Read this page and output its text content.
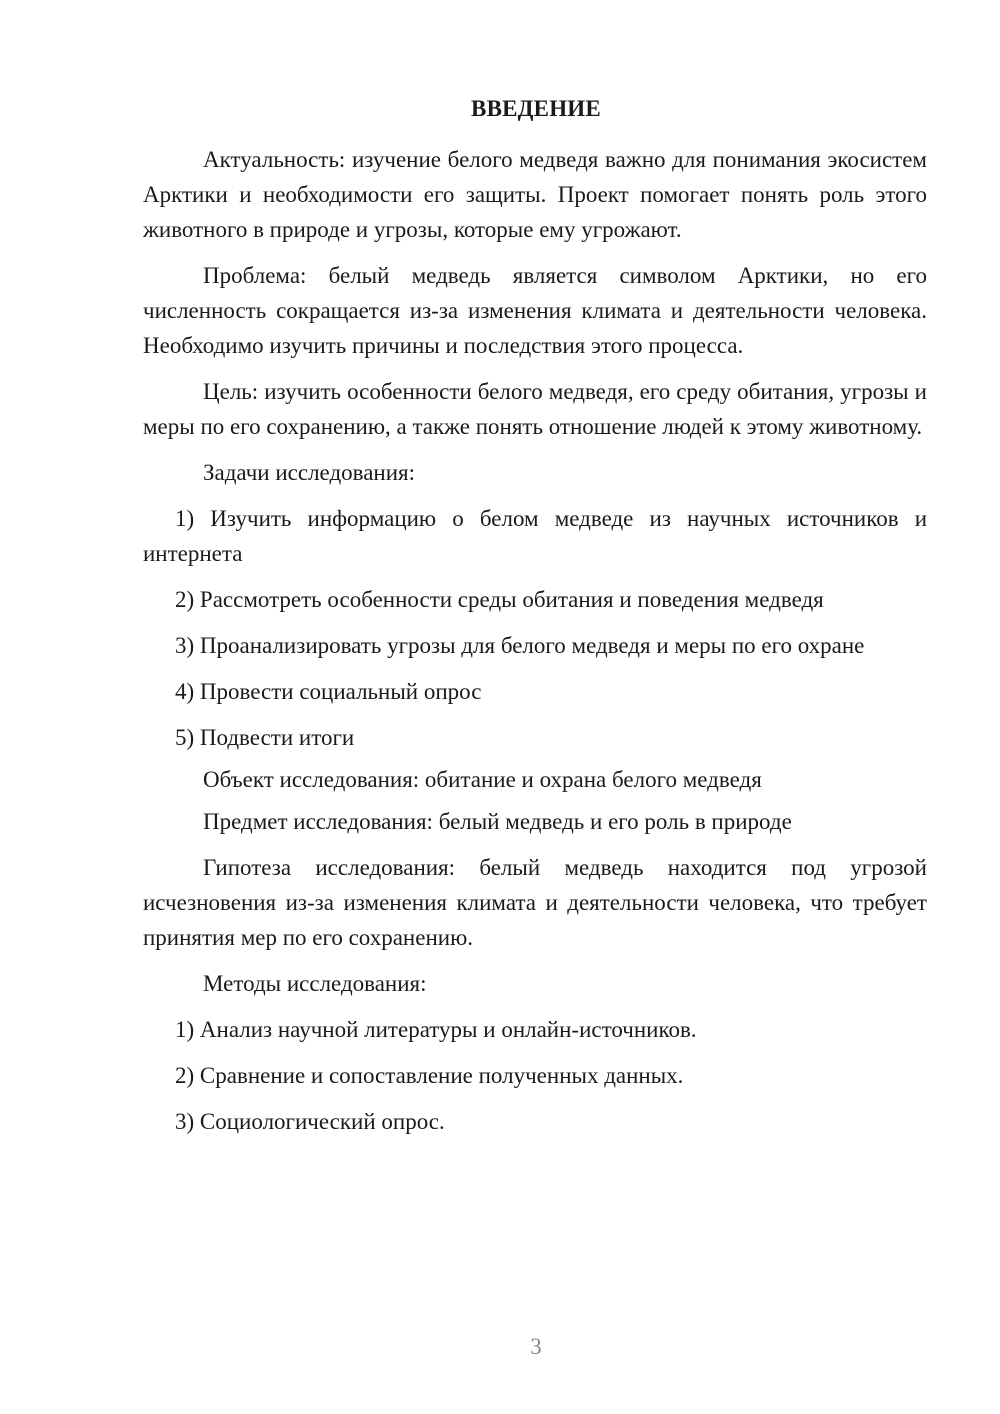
ВВЕДЕНИЕ

Актуальность: изучение белого медведя важно для понимания экосистем Арктики и необходимости его защиты. Проект помогает понять роль этого животного в природе и угрозы, которые ему угрожают.

Проблема: белый медведь является символом Арктики, но его численность сокращается из-за изменения климата и деятельности человека. Необходимо изучить причины и последствия этого процесса.

Цель: изучить особенности белого медведя, его среду обитания, угрозы и меры по его сохранению, а также понять отношение людей к этому животному.

Задачи исследования:

1) Изучить информацию о белом медведе из научных источников и интернета

2) Рассмотреть особенности среды обитания и поведения медведя

3) Проанализировать угрозы для белого медведя и меры по его охране

4) Провести социальный опрос

5) Подвести итоги

Объект исследования: обитание и охрана белого медведя

Предмет исследования: белый медведь и его роль в природе

Гипотеза исследования: белый медведь находится под угрозой исчезновения из-за изменения климата и деятельности человека, что требует принятия мер по его сохранению.

Методы исследования:

1) Анализ научной литературы и онлайн-источников.

2) Сравнение и сопоставление полученных данных.

3) Социологический опрос.

3
